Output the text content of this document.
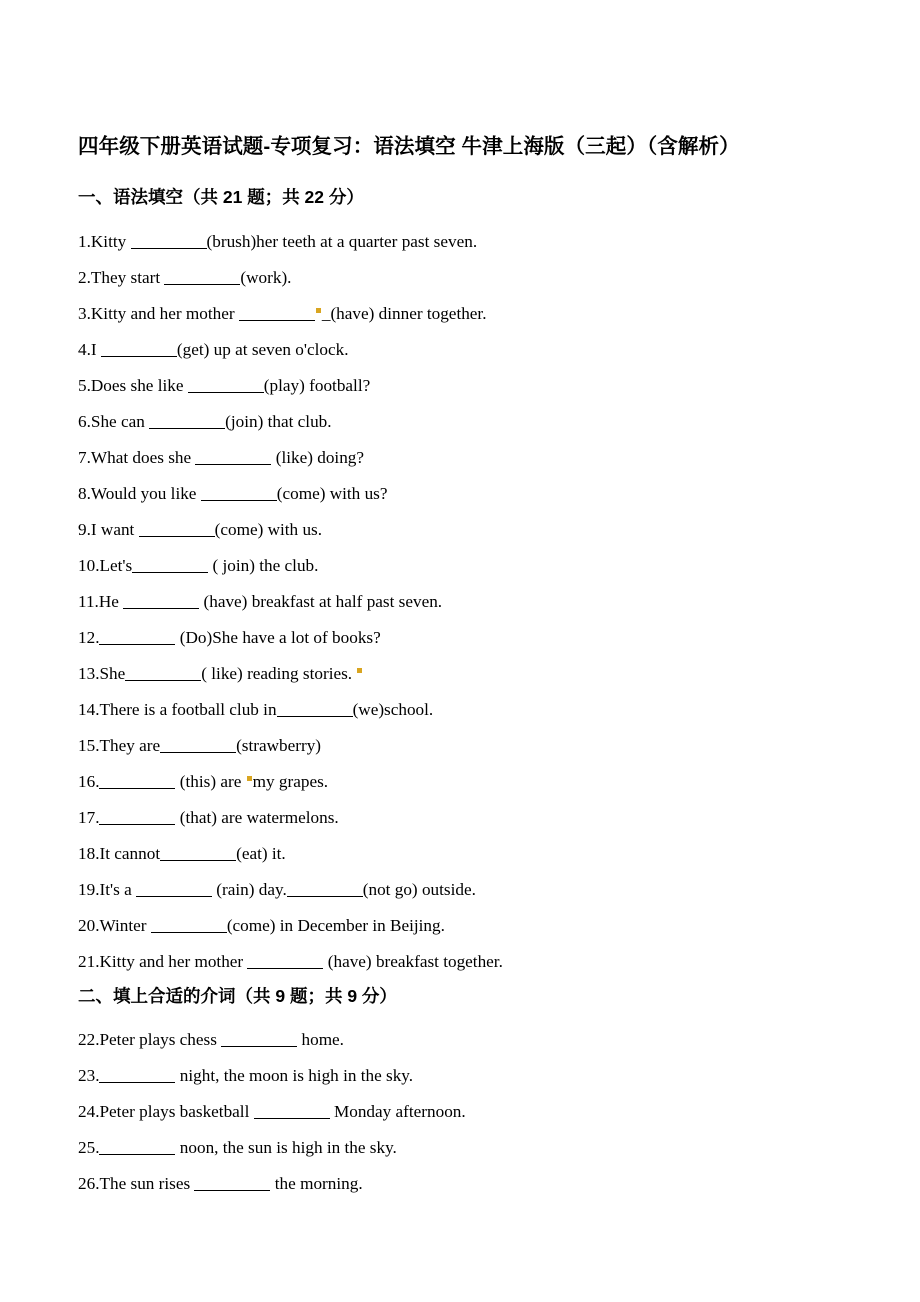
四年级下册英语试题-专项复习：语法填空 牛津上海版（三起）（含解析）
一、语法填空（共 21 题；共 22 分）
1.Kitty	(brush)her teeth at a quarter past seven.
2.They start	(work).
3.Kitty and her mother	_(have) dinner together.
4.I	(get) up at seven o'clock.
5.Does she like	(play) football?
6.She can	(join) that club.
7.What does she	(like) doing?
8.Would you like	(come) with us?
9.I want	(come) with us.
10.Let's	( join) the club.
11.He	(have) breakfast at half past seven.
12.	(Do)She have a lot of books?
13.She	( like) reading stories.
14.There is a football club in	(we)school.
15.They are	(strawberry)
16.	(this) are my grapes.
17.	(that) are watermelons.
18.It cannot	(eat) it.
19.It's a	(rain) day.	(not go) outside.
20.Winter	(come) in December in Beijing.
21.Kitty and her mother	(have) breakfast together.
二、填上合适的介词（共 9 题；共 9 分）
22.Peter plays chess	home.
23.	night, the moon is high in the sky.
24.Peter plays basketball	Monday afternoon.
25.	noon, the sun is high in the sky.
26.The sun rises	the morning.
